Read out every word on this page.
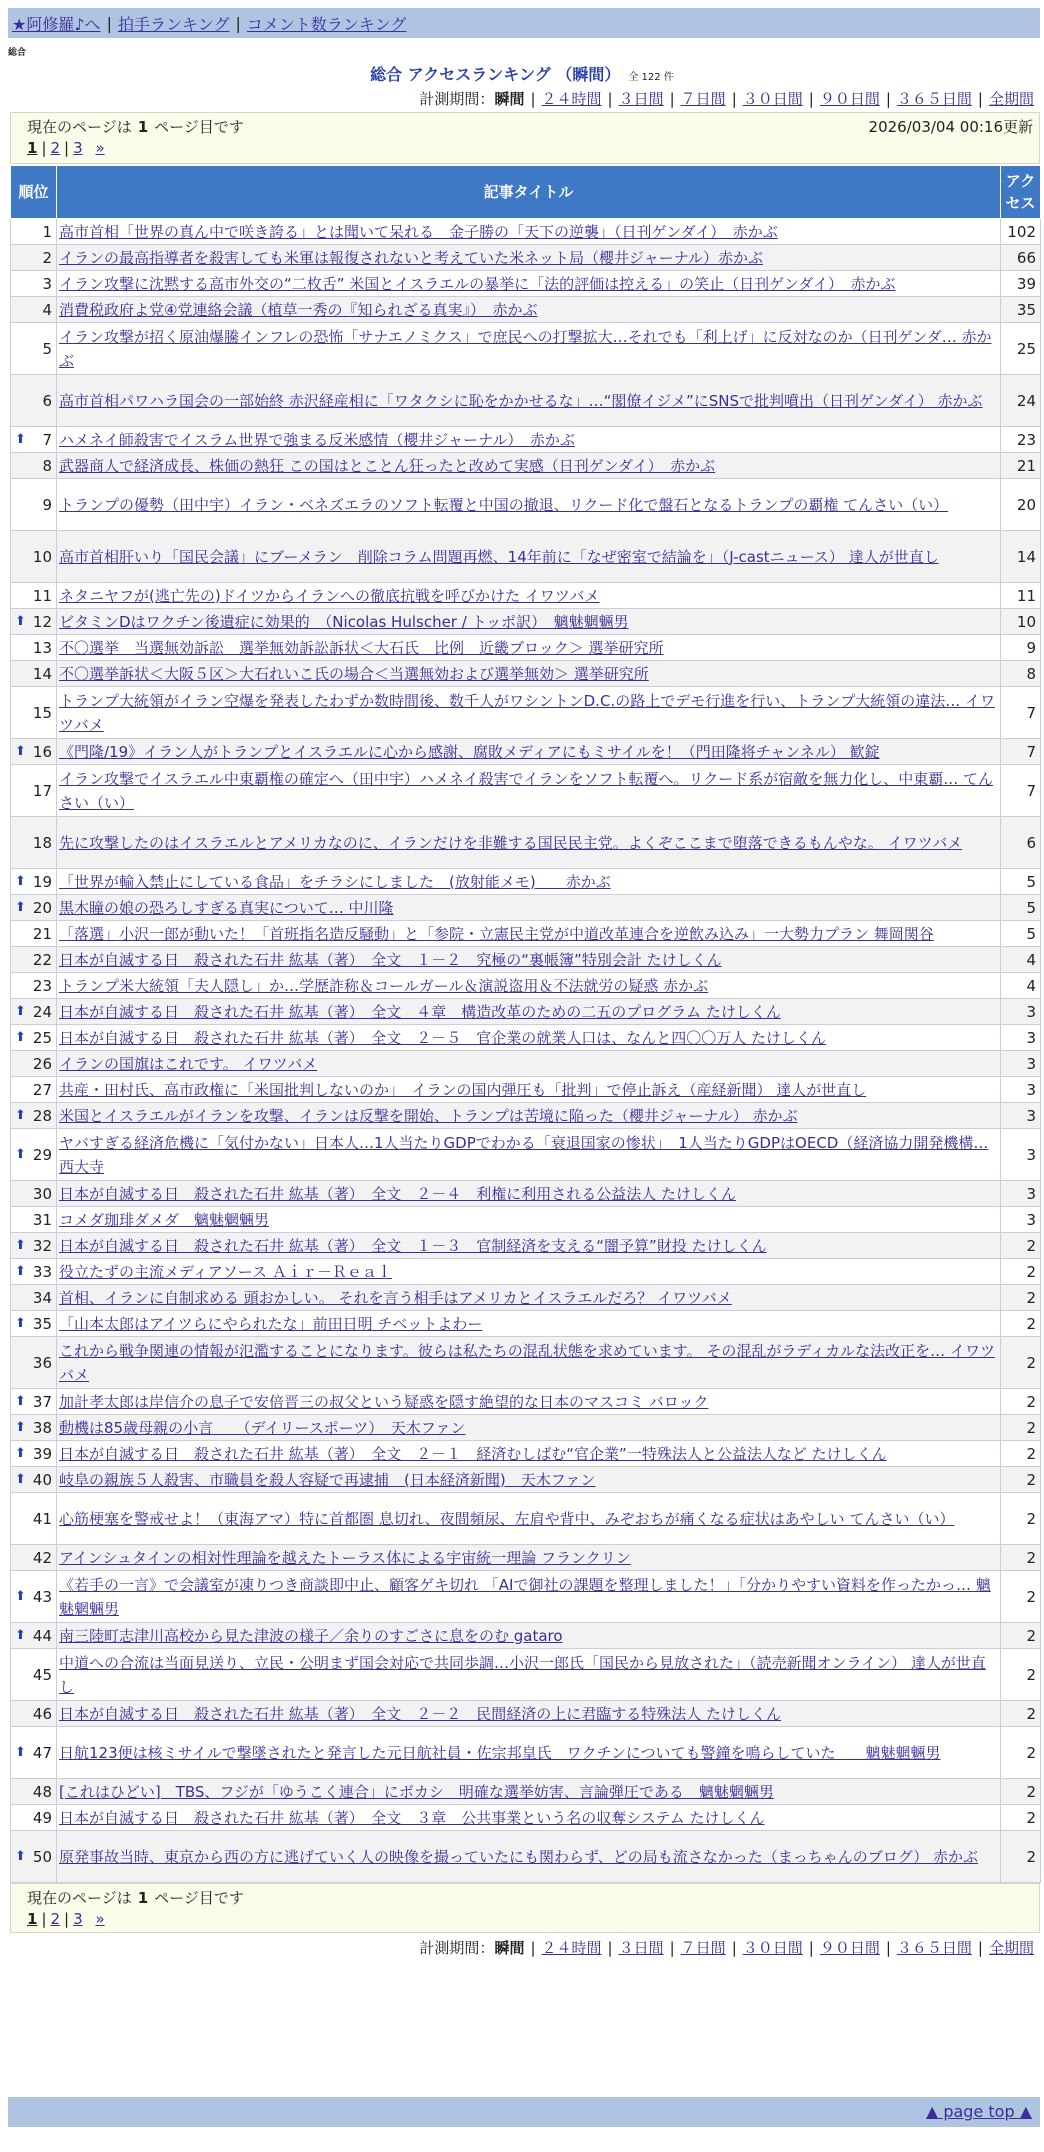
★阿修羅♪へ | 拍手ランキング | コメント数ランキング
総合
総合 アクセスランキング （瞬間） 全 122 件
計測期間：瞬間 | ２４時間 | ３日間 | ７日間 | ３０日間 | ９０日間 | ３６５日間 | 全期間
現在のページは 1 ページ目です	2026/03/04 00:16更新
1 | 2 | 3 »
順位	記事タイトル	アクセス
1	高市首相「世界の真ん中で咲き誇る」とは聞いて呆れる　金子勝の「天下の逆襲」（日刊ゲンダイ）　赤かぶ	102
2	イランの最高指導者を殺害しても米軍は報復されないと考えていた米ネット局（櫻井ジャーナル）赤かぶ	66
3	イラン攻撃に沈黙する高市外交の“二枚舌” 米国とイスラエルの暴挙に「法的評価は控える」の笑止（日刊ゲンダイ）　赤かぶ	39
4	消費税政府よ党④党連絡会議（植草一秀の『知られざる真実』）　赤かぶ	35
5	イラン攻撃が招く原油爆騰インフレの恐怖「サナエノミクス」で庶民への打撃拡大…それでも「利上げ」に反対なのか（日刊ゲンダ… 赤かぶ	25
6	高市首相パワハラ国会の一部始終 赤沢経産相に「ワタクシに恥をかかせるな」…“閣僚イジメ”にSNSで批判噴出（日刊ゲンダイ） 赤かぶ	24

⬆ 7	ハメネイ師殺害でイスラム世界で強まる反米感情（櫻井ジャーナル）　赤かぶ	23
8	武器商人で経済成長、株価の熱狂 この国はとことん狂ったと改めて実感（日刊ゲンダイ）　赤かぶ	21
9	トランプの優勢（田中宇）イラン・ベネズエラのソフト転覆と中国の撤退、リクード化で盤石となるトランプの覇権 てんさい（い）	20
10	高市首相肝いり「国民会議」にブーメラン　削除コラム問題再燃、14年前に「なぜ密室で結論を」（J-castニュース） 達人が世直し	14
11	ネタニヤフが(逃亡先の)ドイツからイランへの徹底抗戦を呼びかけた イワツバメ	11

⬆ 12	ビタミンDはワクチン後遺症に効果的　（Nicolas Hulscher / トッポ訳）　魑魅魍魎男	10
13	不〇選挙　当選無効訴訟　選挙無効訴訟訴状＜大石氏　比例　近畿ブロック＞ 選挙研究所	9
14	不〇選挙訴状＜大阪５区＞大石れいこ氏の場合＜当選無効および選挙無効＞ 選挙研究所	8
15	トランプ大統領がイラン空爆を発表したわずか数時間後、数千人がワシントンD.C.の路上でデモ行進を行い、トランプ大統領の違法… イワツバメ	7

⬆ 16	《門隆/19》イラン人がトランプとイスラエルに心から感謝、腐敗メディアにもミサイルを！（門田隆将チャンネル） 歓錠	7
17	イラン攻撃でイスラエル中東覇権の確定へ（田中宇）ハメネイ殺害でイランをソフト転覆へ。リクード系が宿敵を無力化し、中東覇… てんさい（い）	7
18	先に攻撃したのはイスラエルとアメリカなのに、イランだけを非難する国民民主党。よくぞここまで堕落できるもんやな。 イワツバメ	6

⬆ 19	「世界が輸入禁止にしている食品」をチラシにしました　(放射能メモ)　　赤かぶ	5

⬆ 20	黒木瞳の娘の恐ろしすぎる真実について… 中川隆	5
21	「落選」小沢一郎が動いた！「首班指名造反騒動」と「参院・立憲民主党が中道改革連合を逆飲み込み」一大勢力プラン 舞岡関谷	5
22	日本が自滅する日　殺された石井 紘基（著）　全文　１－２　究極の“裏帳簿”特別会計 たけしくん	4
23	トランプ米大統領「夫人隠し」か…学歴詐称＆コールガール＆演説盗用＆不法就労の疑惑 赤かぶ	4

⬆ 24	日本が自滅する日　殺された石井 紘基（著）　全文　４章　構造改革のための二五のプログラム たけしくん	3

⬆ 25	日本が自滅する日　殺された石井 紘基（著）　全文　２－５　官企業の就業人口は、なんと四〇〇万人 たけしくん	3
26	イランの国旗はこれです。 イワツバメ	3
27	共産・田村氏、高市政権に「米国批判しないのか」　イランの国内弾圧も「批判」で停止訴え（産経新聞） 達人が世直し	3

⬆ 28	米国とイスラエルがイランを攻撃、イランは反撃を開始、トランプは苦境に陥った（櫻井ジャーナル） 赤かぶ	3

⬆ 29	ヤバすぎる経済危機に「気付かない」日本人…1人当たりGDPでわかる「衰退国家の惨状」　1人当たりGDPはOECD（経済協力開発機構… 西大寺	3
30	日本が自滅する日　殺された石井 紘基（著）　全文　２－４　利権に利用される公益法人 たけしくん	3
31	コメダ珈琲ダメダ　魑魅魍魎男	3

⬆ 32	日本が自滅する日　殺された石井 紘基（著）　全文　１－３　官制経済を支える“闇予算”財投 たけしくん	2

⬆ 33	役立たずの主流メディアソース Ａｉｒ－Ｒｅａｌ	2
34	首相、イランに自制求める 頭おかしい。 それを言う相手はアメリカとイスラエルだろ？ イワツバメ	2

⬆ 35	「山本太郎はアイツらにやられたな」前田日明 チベットよわー	2
36	これから戦争関連の情報が氾濫することになります。彼らは私たちの混乱状態を求めています。 その混乱がラディカルな法改正を… イワツバメ	2

⬆ 37	加計孝太郎は岸信介の息子で安倍晋三の叔父という疑惑を隠す絶望的な日本のマスコミ バロック	2

⬆ 38	動機は85歳母親の小言　　（デイリースポーツ）　天木ファン	2

⬆ 39	日本が自滅する日　殺された石井 紘基（著）　全文　２－１　経済むしばむ“官企業”一特殊法人と公益法人など たけしくん	2

⬆ 40	岐阜の親族５人殺害、市職員を殺人容疑で再逮捕　(日本経済新聞)　天木ファン	2
41	心筋梗塞を警戒せよ！（東海アマ）特に首都圏 息切れ、夜間頻尿、左肩や背中、みぞおちが痛くなる症状はあやしい てんさい（い）	2
42	アインシュタインの相対性理論を越えたトーラス体による宇宙統一理論 フランクリン	2

⬆ 43	《若手の一言》で会議室が凍りつき商談即中止、顧客ゲキ切れ 「AIで御社の課題を整理しました！」「分かりやすい資料を作ったかっ… 魑魅魍魎男	2

⬆ 44	南三陸町志津川高校から見た津波の様子／余りのすごさに息をのむ gataro	2
45	中道への合流は当面見送り、立民・公明まず国会対応で共同歩調…小沢一郎氏「国民から見放された」（読売新聞オンライン） 達人が世直し	2
46	日本が自滅する日　殺された石井 紘基（著）　全文　２－２　民間経済の上に君臨する特殊法人 たけしくん	2

⬆ 47	日航123便は核ミサイルで撃墜されたと発言した元日航社員・佐宗邦皇氏　ワクチンについても警鐘を鳴らしていた　　魑魅魍魎男	2
48	[これはひどい]　TBS、フジが「ゆうこく連合」にボカシ　明確な選挙妨害、言論弾圧である　魑魅魍魎男	2
49	日本が自滅する日　殺された石井 紘基（著）　全文　３章　公共事業という名の収奪システム たけしくん	2

⬆ 50	原発事故当時、東京から西の方に逃げていく人の映像を撮っていたにも関わらず、どの局も流さなかった（まっちゃんのブログ） 赤かぶ	2
現在のページは 1 ページ目です
1 | 2 | 3 »
計測期間：瞬間 | ２４時間 | ３日間 | ７日間 | ３０日間 | ９０日間 | ３６５日間 | 全期間
▲ page top ▲
